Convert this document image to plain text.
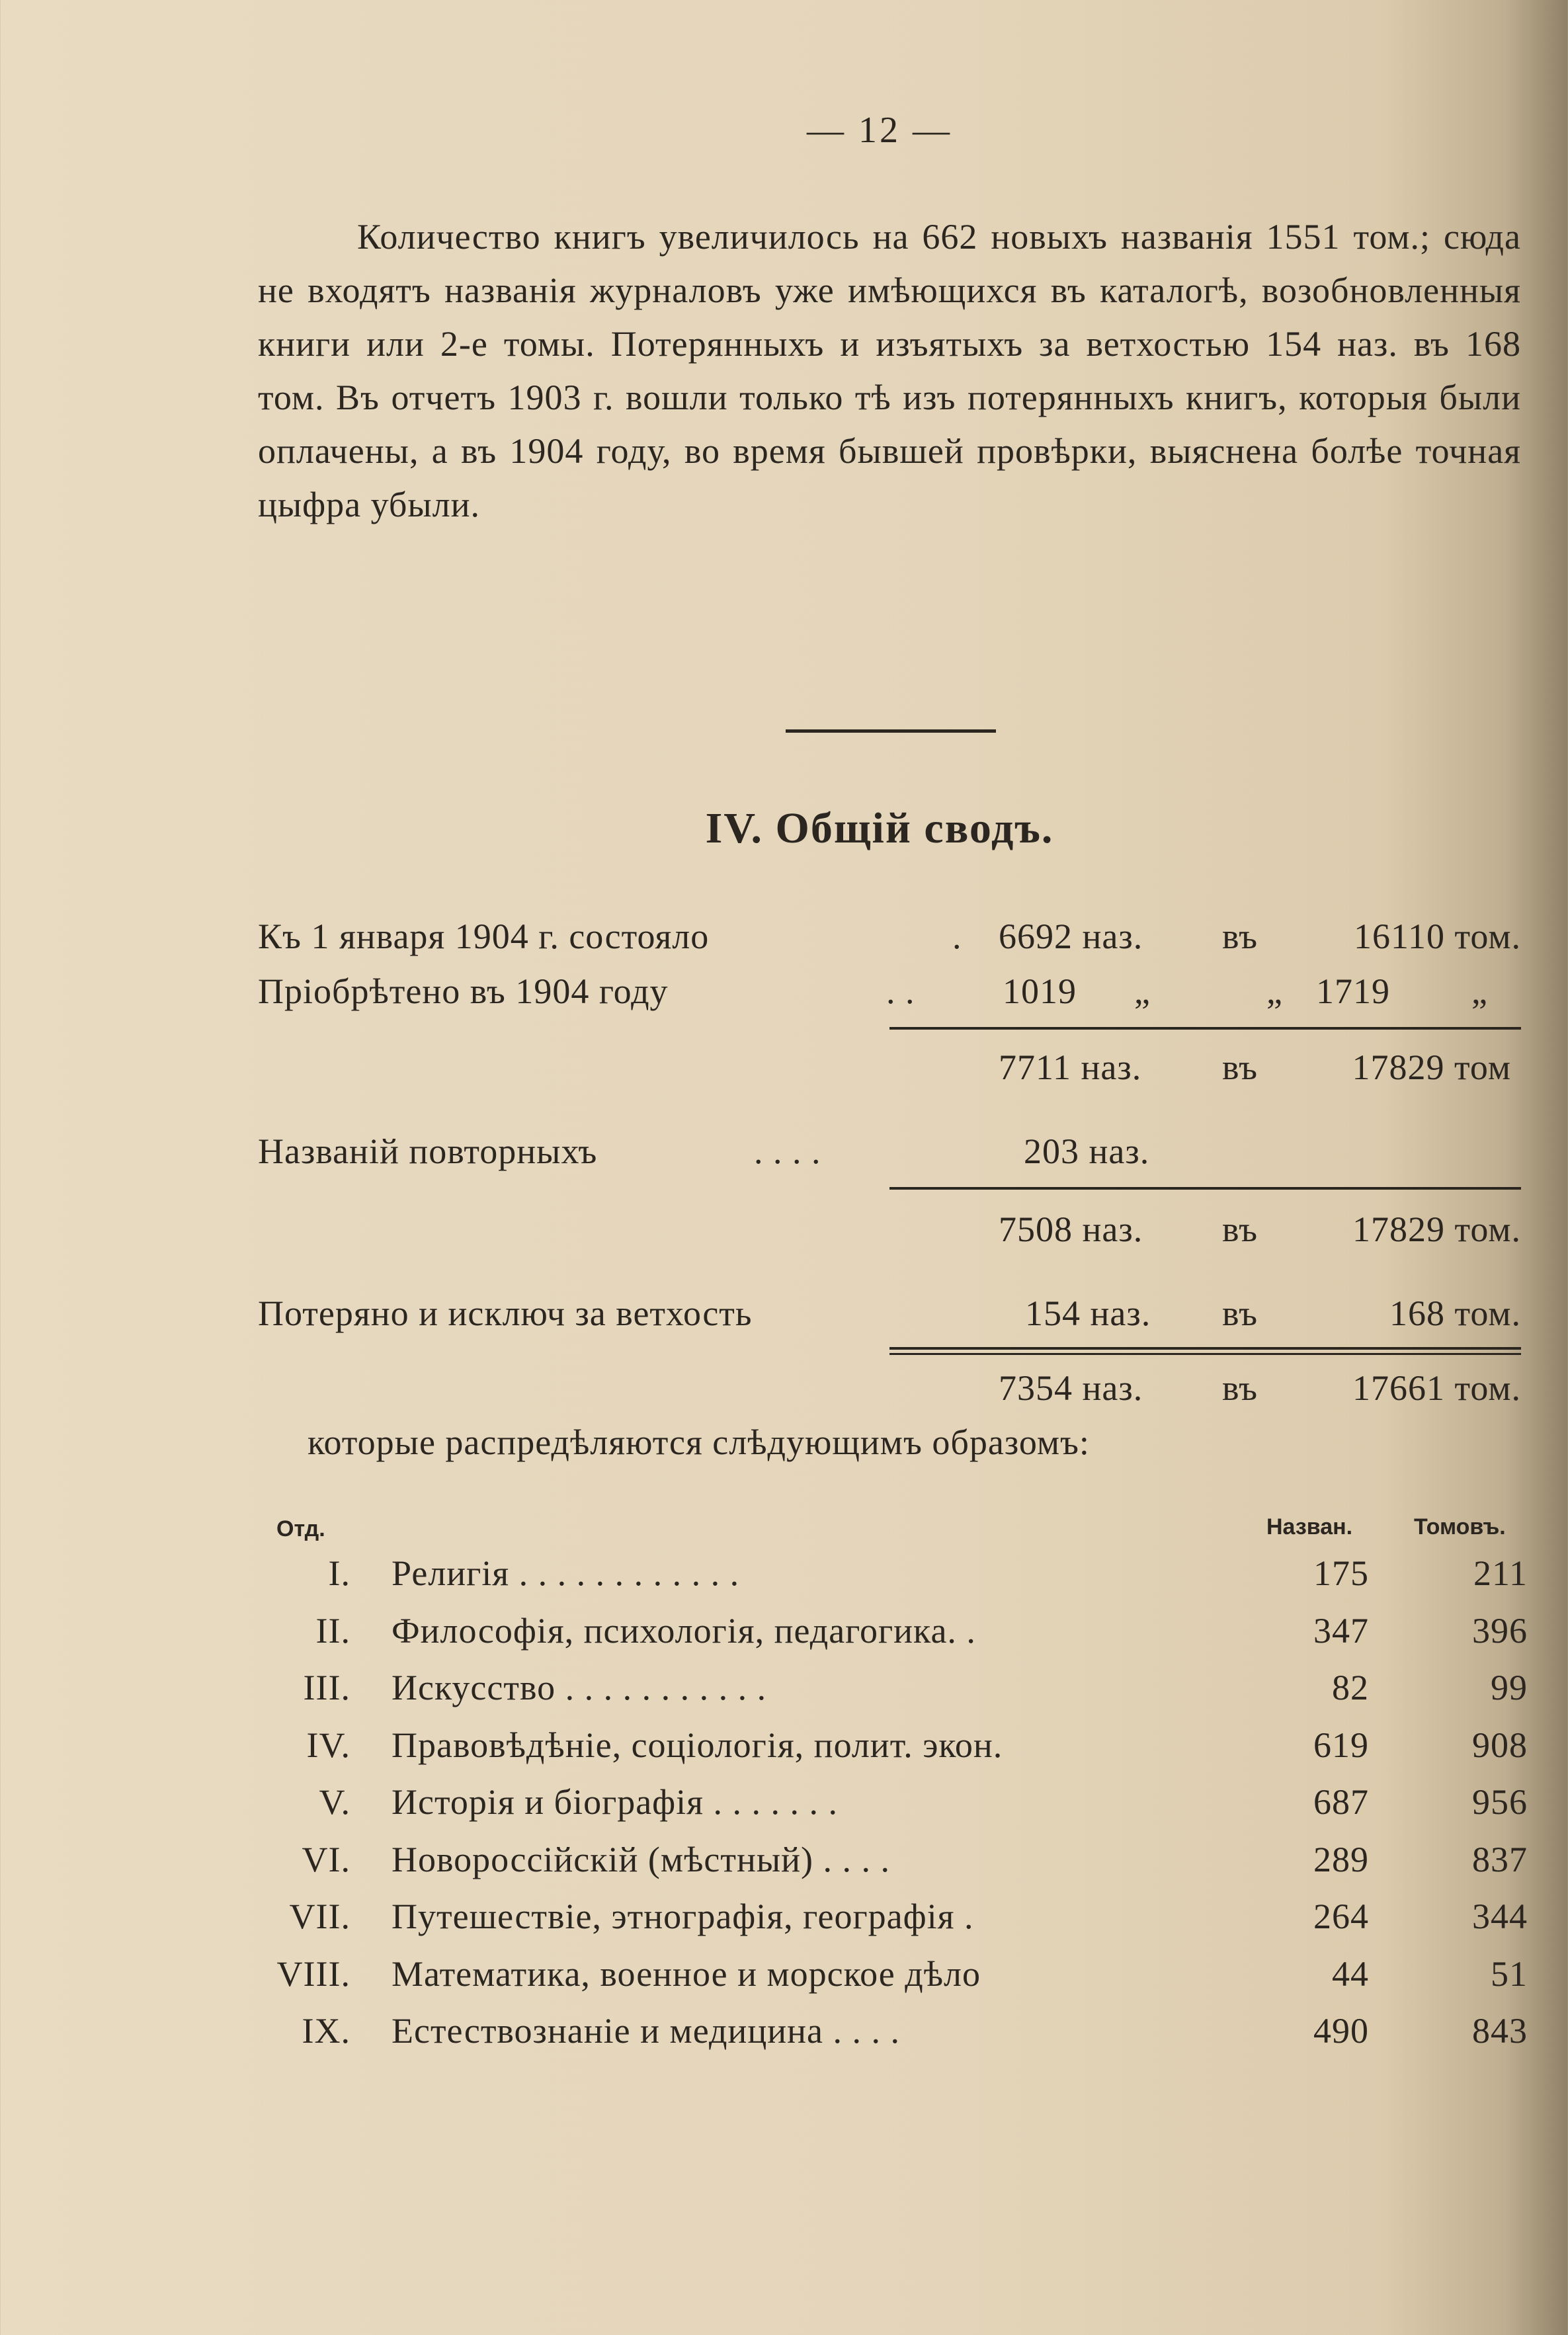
— 12 —

Количество книгъ увеличилось на 662 новыхъ названія 1551 том.; сюда не входятъ названія журналовъ уже имѣющихся въ каталогѣ, возобновленныя книги или 2-е томы. Потерянныхъ и изъятыхъ за ветхостью 154 наз. въ 168 том. Въ отчетъ 1903 г. вошли только тѣ изъ потерянныхъ книгъ, которыя были оплачены, а въ 1904 году, во время бывшей провѣрки, выяснена болѣе точная цыфра убыли.

IV. Общій сводъ.
Къ 1 января 1904 г. состояло	. 6692 наз. въ	16110 том.
Пріобрѣтено въ 1904 году	. . 1019 „	„ 1719 „
7711 наз. въ	17829 том
Названій повторныхъ	. . . .	203 наз.
7508 наз. въ	17829 том.
Потеряно и исключ за ветхость	154 наз. въ	168 том.
7354 наз. въ	17661 том.
которые распредѣляются слѣдующимъ образомъ:
Отд.	Назван.	Томовъ.
I. Религія . . . . . . . . . . . .	175	211
II. Философія, психологія, педагогика. .	347	396
III. Искусство . . . . . . . . . . .	82	99
IV. Правовѣдѣніе, соціологія, полит. экон.	619	908
V. Исторія и біографія . . . . . . .	687	956
VI. Новороссійскій (мѣстный) . . . .	289	837
VII. Путешествіе, этнографія, географія .	264	344
VIII. Математика, военное и морское дѣло	44	51
IX. Естествознаніе и медицина . . . .	490	843
